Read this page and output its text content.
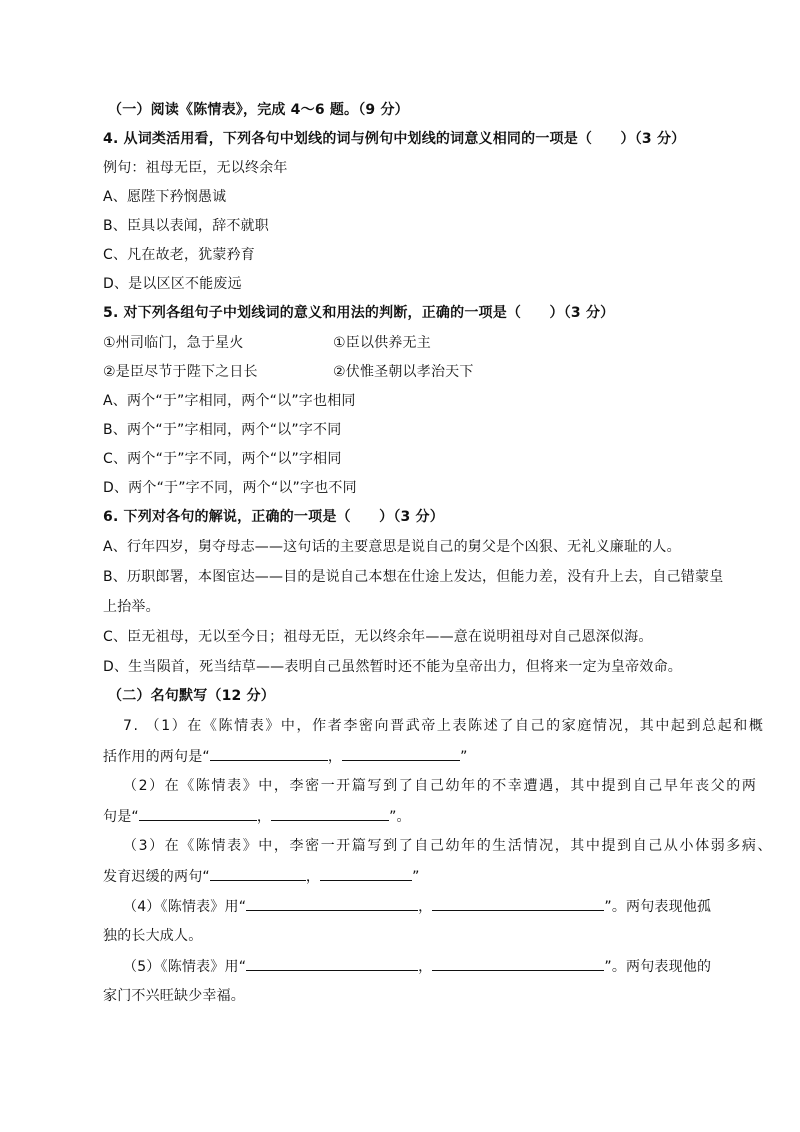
（一）阅读《陈情表》，完成 4～6 题。（9 分）
4. 从词类活用看，下列各句中划线的词与例句中划线的词意义相同的一项是（　　）（3 分）
例句：祖母无臣，无以终余年
A、愿陛下矜悯愚诚
B、臣具以表闻，辞不就职
C、凡在故老，犹蒙矜育
D、是以区区不能废远
5. 对下列各组句子中划线词的意义和用法的判断，正确的一项是（　　）（3 分）
①州司临门，急于星火	①臣以供养无主
②是臣尽节于陛下之日长	②伏惟圣朝以孝治天下
A、两个“于”字相同，两个“以”字也相同
B、两个“于”字相同，两个“以”字不同
C、两个“于”字不同，两个“以”字相同
D、两个“于”字不同，两个“以”字也不同
6. 下列对各句的解说，正确的一项是（　　）（3 分）
A、行年四岁，舅夺母志——这句话的主要意思是说自己的舅父是个凶狠、无礼义廉耻的人。
B、历职郎署，本图宦达——目的是说自己本想在仕途上发达，但能力差，没有升上去，自己错蒙皇
上抬举。
C、臣无祖母，无以至今日；祖母无臣，无以终余年——意在说明祖母对自己恩深似海。
D、生当陨首，死当结草——表明自己虽然暂时还不能为皇帝出力，但将来一定为皇帝效命。
（二）名句默写（12 分）
7. （1）在《陈情表》中，作者李密向晋武帝上表陈述了自己的家庭情况，其中起到总起和概
括作用的两句是“	，	”
（2）在《陈情表》中，李密一开篇写到了自己幼年的不幸遭遇，其中提到自己早年丧父的两
句是“	，	”。
（3）在《陈情表》中，李密一开篇写到了自己幼年的生活情况，其中提到自己从小体弱多病、
发育迟缓的两句“	，	”
（4）《陈情表》用“	，	”。两句表现他孤
独的长大成人。
（5）《陈情表》用“	，	”。两句表现他的
家门不兴旺缺少幸福。
